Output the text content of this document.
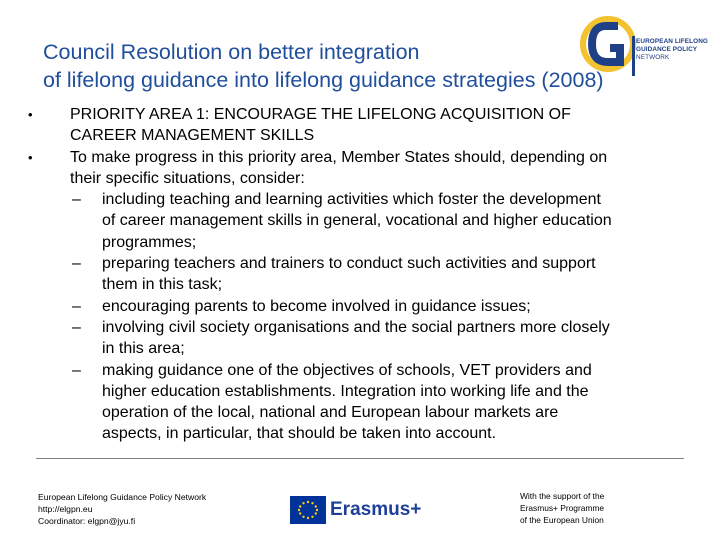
Council Resolution on better integration
of lifelong guidance into lifelong guidance strategies (2008)
EUROPEAN LIFELONG
GUIDANCE POLICY
NETWORK
•	PRIORITY AREA 1: ENCOURAGE THE LIFELONG ACQUISITION OF
CAREER MANAGEMENT SKILLS
•	To make progress in this priority area, Member States should, depending on
their specific situations, consider:
– including teaching and learning activities which foster the development
of career management skills in general, vocational and higher education
programmes;
– preparing teachers and trainers to conduct such activities and support
them in this task;
– encouraging parents to become involved in guidance issues;
– involving civil society organisations and the social partners more closely
in this area;
– making guidance one of the objectives of schools, VET providers and
higher education establishments. Integration into working life and the
operation of the local, national and European labour markets are
aspects, in particular, that should be taken into account.
European Lifelong Guidance Policy Network
http://elgpn.eu
Coordinator: elgpn@jyu.fi
Erasmus+
With the support of the
Erasmus+ Programme
of the European Union
